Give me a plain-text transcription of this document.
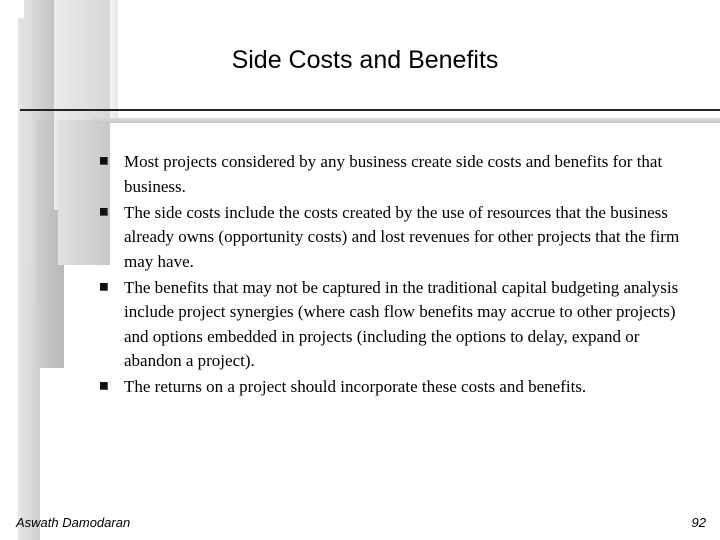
Side Costs and Benefits
Most projects considered by any business create side costs and benefits for that business.
The side costs include the costs created by the use of resources that the business already owns (opportunity costs) and lost revenues for other projects that the firm may have.
The benefits that may not be captured in the traditional capital budgeting analysis include project synergies (where cash flow benefits may accrue to other projects) and options embedded in projects (including the options to delay, expand or abandon a project).
The returns on a project should incorporate these costs and benefits.
Aswath Damodaran	92
